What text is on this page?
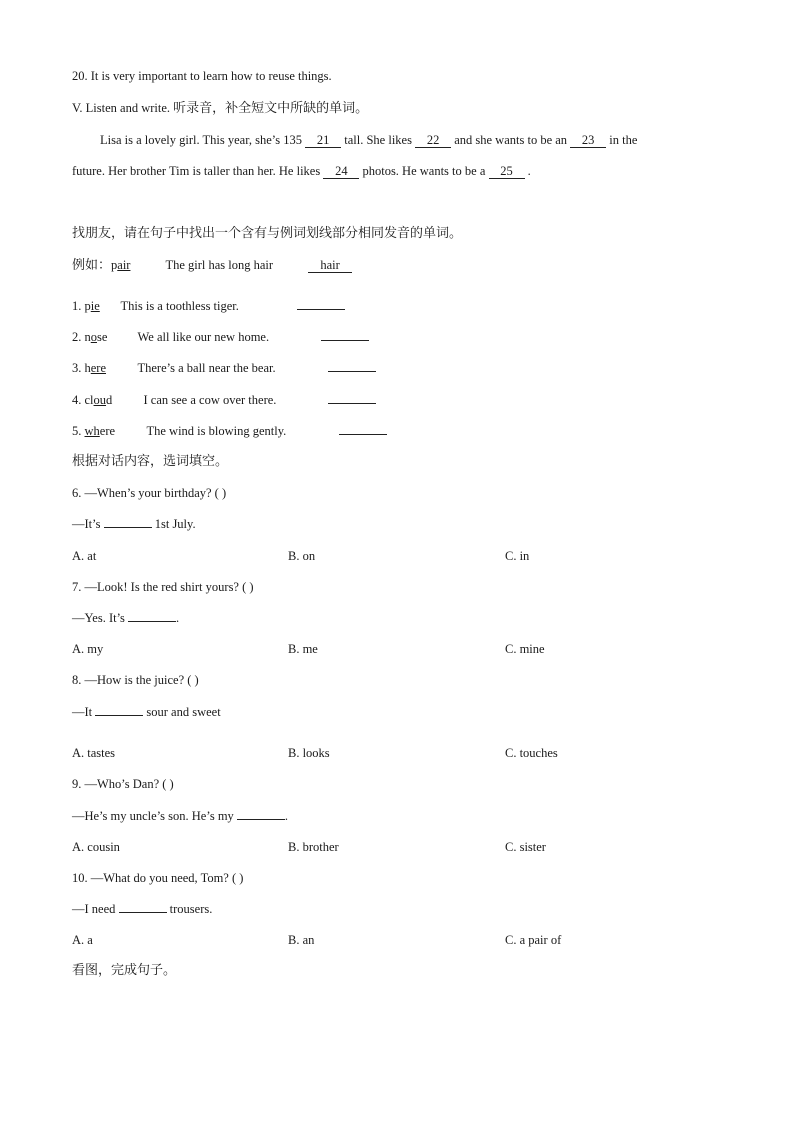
20. It is very important to learn how to reuse things.
V. Listen and write. 听录音，补全短文中所缺的单词。
Lisa is a lovely girl. This year, she’s 135 21 tall. She likes 22 and she wants to be an 23 in the
future. Her brother Tim is taller than her. He likes 24 photos. He wants to be a 25 .
找朋友，请在句子中找出一个含有与例词划线部分相同发音的单词。
例如：pair	The girl has long hair	hair
1. pie This is a toothless tiger.
2. nose We all like our new home.
3. here	There’s a ball near the bear.
4. cloud I can see a cow over there.
5. where	The wind is blowing gently.
根据对话内容，选词填空。
6. —When’s your birthday? ( )
—It’s	1st July.
A. at	B. on	C. in
7. —Look! Is the red shirt yours? ( )
—Yes. It’s	.
A. my	B. me	C. mine
8. —How is the juice? ( )
—It	sour and sweet
A. tastes	B. looks	C. touches
9. —Who’s Dan? ( )
—He’s my uncle’s son. He’s my	.
A. cousin	B. brother	C. sister
10. —What do you need, Tom? ( )
—I need	trousers.
A. a	B. an	C. a pair of
看图，完成句子。
